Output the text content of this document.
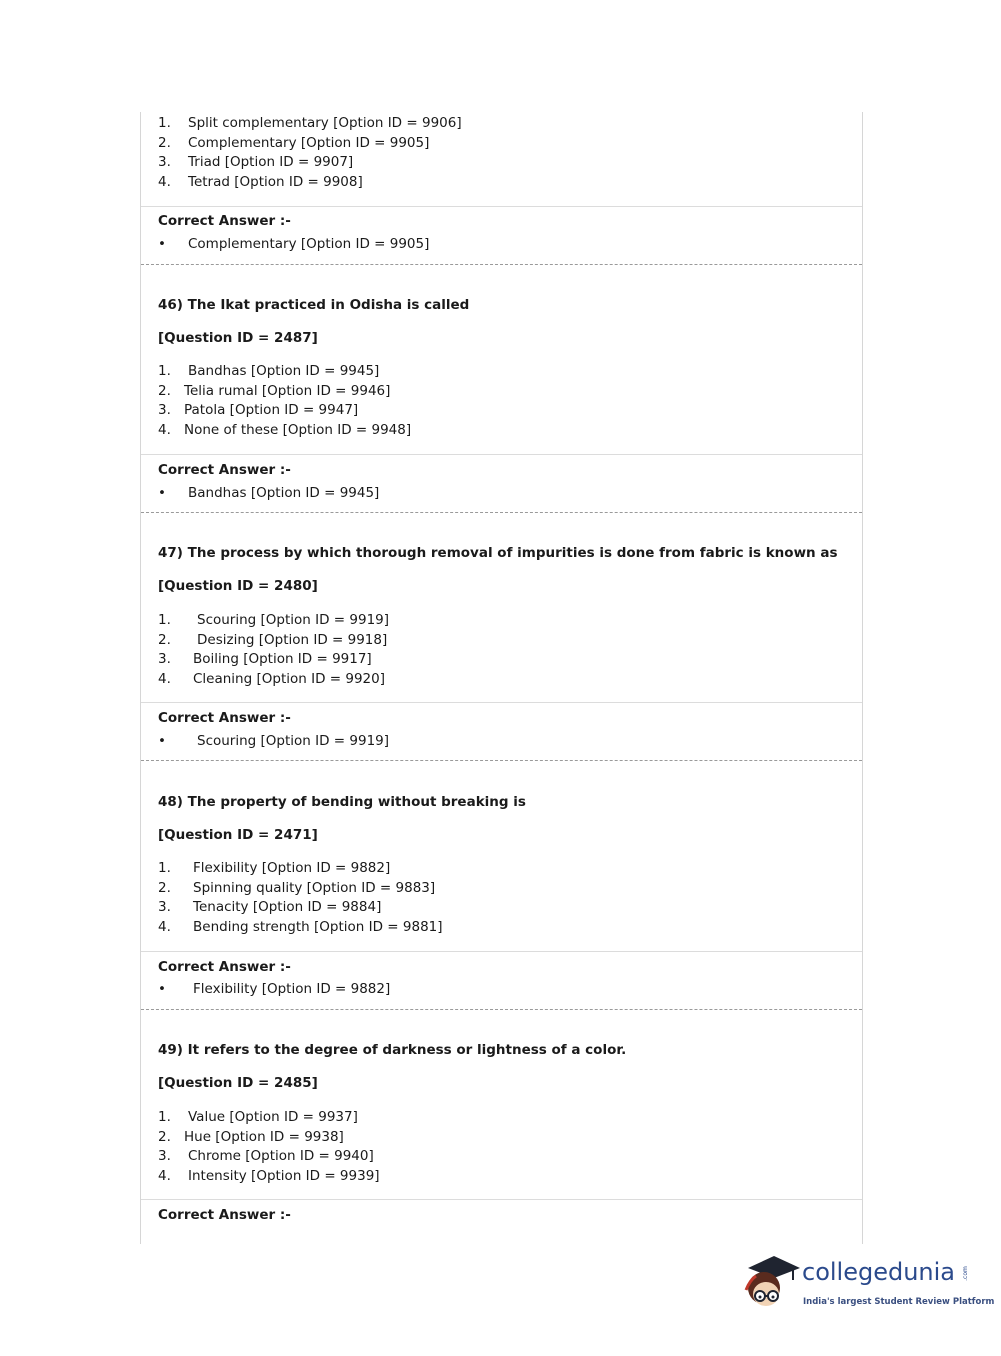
1.	Split complementary [Option ID = 9906]
2.	Complementary [Option ID = 9905]
3.	Triad [Option ID = 9907]
4.	Tetrad [Option ID = 9908]
Correct Answer :-
•	Complementary [Option ID = 9905]
46) The Ikat practiced in Odisha is called
[Question ID = 2487]
1.	Bandhas [Option ID = 9945]
2. Telia rumal [Option ID = 9946]
3. Patola [Option ID = 9947]
4. None of these [Option ID = 9948]
Correct Answer :-
•	Bandhas [Option ID = 9945]
47) The process by which thorough removal of impurities is done from fabric is known as
[Question ID = 2480]
1.	Scouring [Option ID = 9919]
2.	Desizing [Option ID = 9918]
3.	Boiling [Option ID = 9917]
4.	Cleaning [Option ID = 9920]
Correct Answer :-
•	Scouring [Option ID = 9919]
48) The property of bending without breaking is
[Question ID = 2471]
1.	Flexibility [Option ID = 9882]
2.	Spinning quality [Option ID = 9883]
3.	Tenacity [Option ID = 9884]
4.	Bending strength [Option ID = 9881]
Correct Answer :-
•	Flexibility [Option ID = 9882]
49) It refers to the degree of darkness or lightness of a color.
[Question ID = 2485]
1.	Value [Option ID = 9937]
2. Hue [Option ID = 9938]
3.	Chrome [Option ID = 9940]
4.	Intensity [Option ID = 9939]
Correct Answer :-
collegedunia .com
India's largest Student Review Platform
